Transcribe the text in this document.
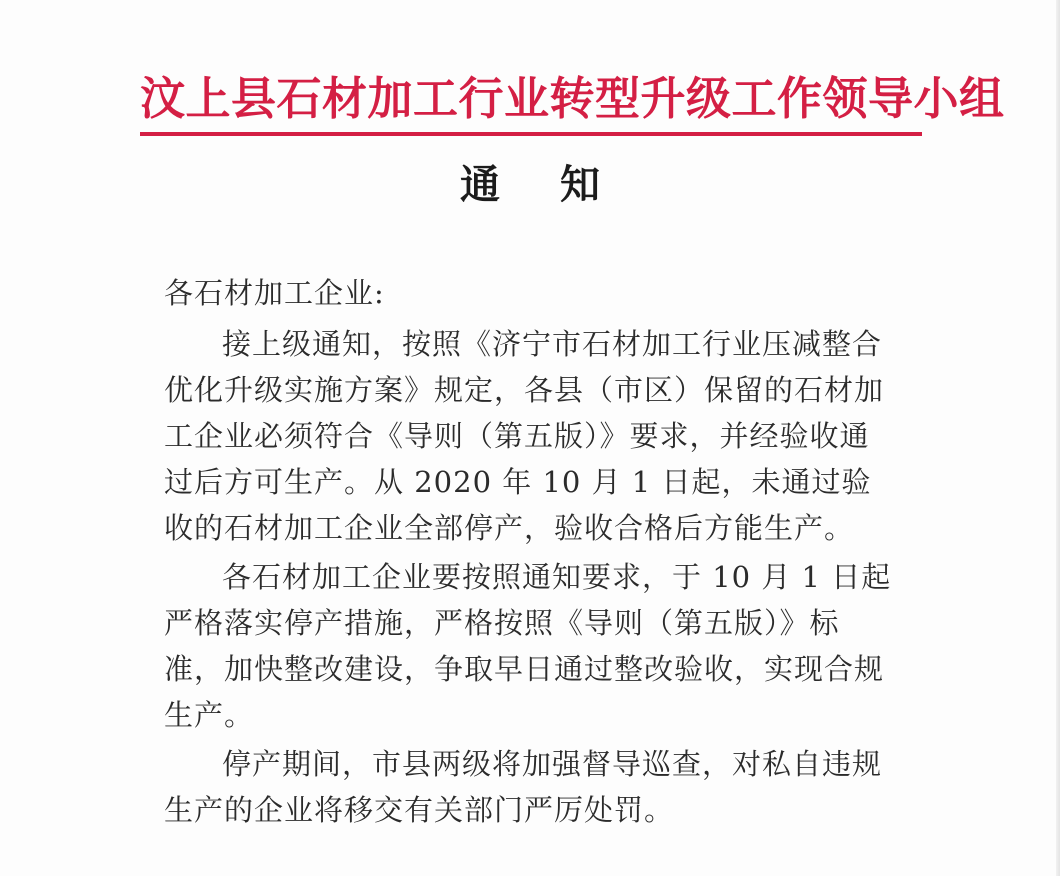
汶上县石材加工行业转型升级工作领导小组
通知

各石材加工企业:

接上级通知，按照《济宁市石材加工行业压减整合优化升级实施方案》规定，各县（市区）保留的石材加工企业必须符合《导则（第五版）》要求，并经验收通过后方可生产。从 2020 年 10 月 1 日起，未通过验收的石材加工企业全部停产，验收合格后方能生产。

各石材加工企业要按照通知要求，于 10 月 1 日起严格落实停产措施，严格按照《导则（第五版）》标准，加快整改建设，争取早日通过整改验收，实现合规生产。

停产期间，市县两级将加强督导巡查，对私自违规生产的企业将移交有关部门严厉处罚。
